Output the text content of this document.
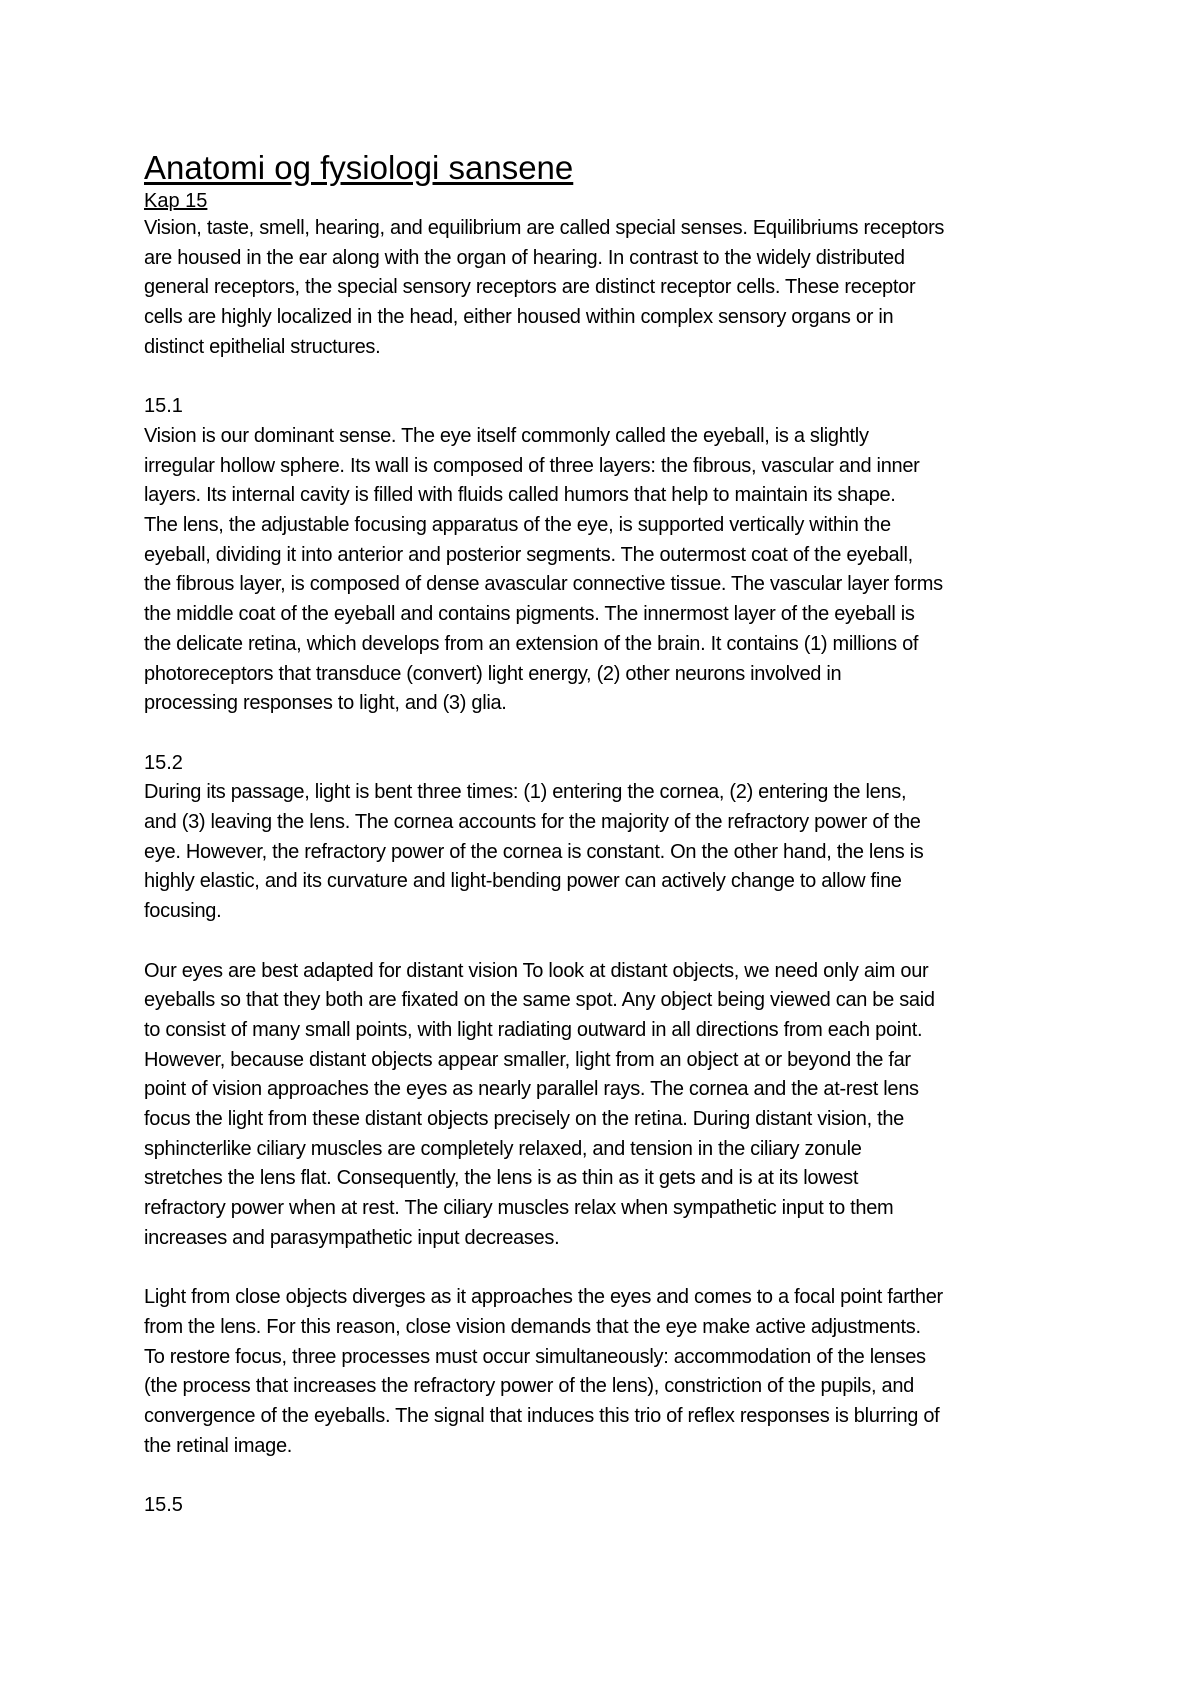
Anatomi og fysiologi sansene

Kap 15

Vision, taste, smell, hearing, and equilibrium are called special senses. Equilibriums receptors
are housed in the ear along with the organ of hearing. In contrast to the widely distributed
general receptors, the special sensory receptors are distinct receptor cells. These receptor
cells are highly localized in the head, either housed within complex sensory organs or in
distinct epithelial structures.

15.1

Vision is our dominant sense. The eye itself commonly called the eyeball, is a slightly
irregular hollow sphere. Its wall is composed of three layers: the fibrous, vascular and inner
layers. Its internal cavity is filled with fluids called humors that help to maintain its shape.
The lens, the adjustable focusing apparatus of the eye, is supported vertically within the
eyeball, dividing it into anterior and posterior segments. The outermost coat of the eyeball,
the fibrous layer, is composed of dense avascular connective tissue. The vascular layer forms
the middle coat of the eyeball and contains pigments. The innermost layer of the eyeball is
the delicate retina, which develops from an extension of the brain. It contains (1) millions of
photoreceptors that transduce (convert) light energy, (2) other neurons involved in
processing responses to light, and (3) glia.

15.2

During its passage, light is bent three times: (1) entering the cornea, (2) entering the lens,
and (3) leaving the lens. The cornea accounts for the majority of the refractory power of the
eye. However, the refractory power of the cornea is constant. On the other hand, the lens is
highly elastic, and its curvature and light-bending power can actively change to allow fine
focusing.

Our eyes are best adapted for distant vision To look at distant objects, we need only aim our
eyeballs so that they both are fixated on the same spot. Any object being viewed can be said
to consist of many small points, with light radiating outward in all directions from each point.
However, because distant objects appear smaller, light from an object at or beyond the far
point of vision approaches the eyes as nearly parallel rays. The cornea and the at-rest lens
focus the light from these distant objects precisely on the retina. During distant vision, the
sphincterlike ciliary muscles are completely relaxed, and tension in the ciliary zonule
stretches the lens flat. Consequently, the lens is as thin as it gets and is at its lowest
refractory power when at rest. The ciliary muscles relax when sympathetic input to them
increases and parasympathetic input decreases.

Light from close objects diverges as it approaches the eyes and comes to a focal point farther
from the lens. For this reason, close vision demands that the eye make active adjustments.
To restore focus, three processes must occur simultaneously: accommodation of the lenses
(the process that increases the refractory power of the lens), constriction of the pupils, and
convergence of the eyeballs. The signal that induces this trio of reflex responses is blurring of
the retinal image.

15.5
